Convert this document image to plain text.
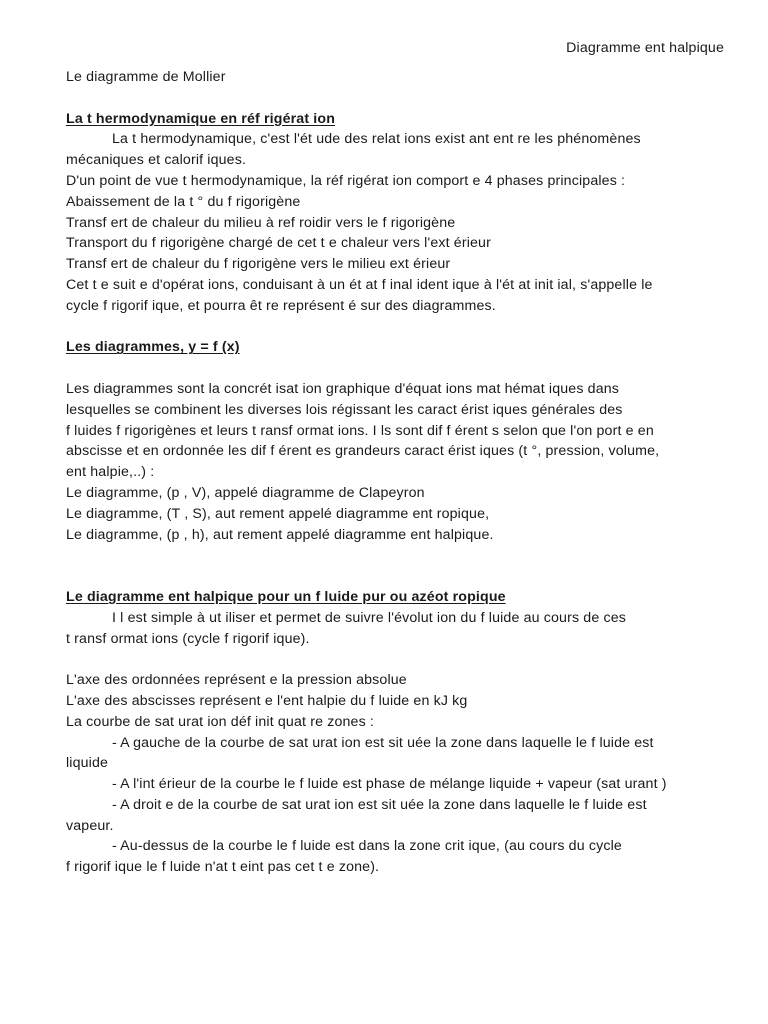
Diagramme ent halpique
Le diagramme de Mollier
La t hermodynamique en réf rigérat ion
La t hermodynamique, c'est l'ét ude des relat ions exist ant ent re les phénomènes
mécaniques et calorif iques.
D'un point de vue t hermodynamique, la réf rigérat ion comport e 4 phases principales :
Abaissement de la t ° du f rigorigène
Transf ert de chaleur du milieu à ref roidir vers le f rigorigène
Transport du f rigorigène chargé de cet t e chaleur vers l'ext érieur
Transf ert de chaleur du f rigorigène vers le milieu ext érieur
Cet t e suit e d'opérat ions, conduisant à un ét at f inal ident ique à l'ét at init ial, s'appelle le
cycle f rigorif ique, et pourra êt re représent é sur des diagrammes.
Les diagrammes, y = f (x)
Les diagrammes sont la concrét isat ion graphique d'équat ions mat hémat iques dans
lesquelles se combinent les diverses lois régissant les caract érist iques générales des
f luides f rigorigènes et leurs t ransf ormat ions. I ls sont dif f érent s selon que l'on port e en
abscisse et en ordonnée les dif f érent es grandeurs caract érist iques (t °, pression, volume,
ent halpie,..) :
Le diagramme, (p , V), appelé diagramme de Clapeyron
Le diagramme, (T , S), aut rement appelé diagramme ent ropique,
Le diagramme, (p , h), aut rement appelé diagramme ent halpique.
Le diagramme ent halpique pour un f luide pur ou azéot ropique
I l est simple à ut iliser et permet de suivre l'évolut ion du f luide au cours de ces
t ransf ormat ions (cycle f rigorif ique).
L'axe des ordonnées représent e la pression absolue
L'axe des abscisses représent e l'ent halpie du f luide en kJ kg
La courbe de sat urat ion déf init quat re zones :
- A gauche de la courbe de sat urat ion est sit uée la zone dans laquelle le f luide est
liquide
- A l'int érieur de la courbe le f luide est phase de mélange liquide + vapeur (sat urant )
- A droit e de la courbe de sat urat ion est sit uée la zone dans laquelle le f luide est
vapeur.
- Au-dessus de la courbe le f luide est dans la zone crit ique, (au cours du cycle
f rigorif ique le f luide n'at t eint pas cet t e zone).
